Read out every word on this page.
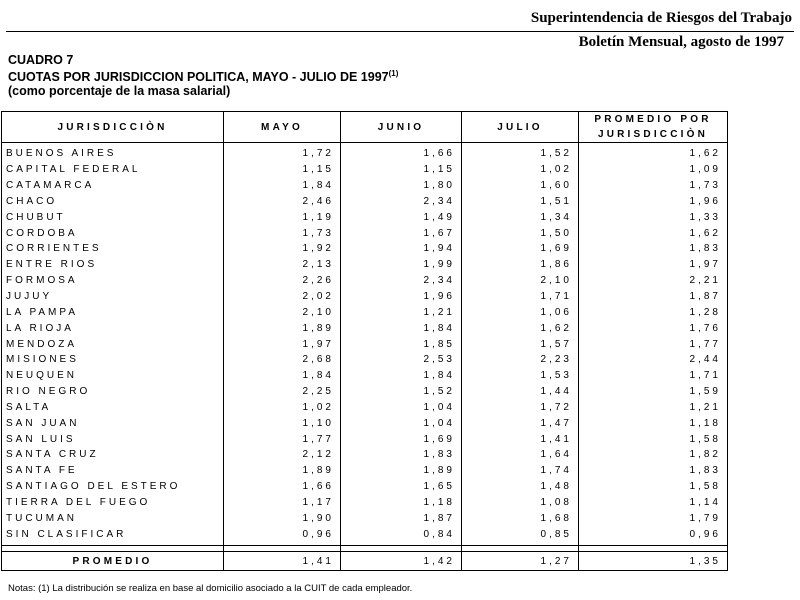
Superintendencia de Riesgos del Trabajo
Boletín Mensual, agosto de 1997
CUADRO 7
CUOTAS POR JURISDICCION POLITICA, MAYO - JULIO DE 1997$^{(1)}$
(como porcentaje de la masa salarial)
JURISDICCIÒN	MAYO	JUNIO	JULIO	PROMEDIO POR
JURISDICCIÒN

BUENOS AIRES	1,72	1,66	1,52	1,62
CAPITAL FEDERAL	1,15	1,15	1,02	1,09
CATAMARCA	1,84	1,80	1,60	1,73
CHACO	2,46	2,34	1,51	1,96
CHUBUT	1,19	1,49	1,34	1,33
CORDOBA	1,73	1,67	1,50	1,62
CORRIENTES	1,92	1,94	1,69	1,83
ENTRE RIOS	2,13	1,99	1,86	1,97
FORMOSA	2,26	2,34	2,10	2,21
JUJUY	2,02	1,96	1,71	1,87
LA PAMPA	2,10	1,21	1,06	1,28
LA RIOJA	1,89	1,84	1,62	1,76
MENDOZA	1,97	1,85	1,57	1,77
MISIONES	2,68	2,53	2,23	2,44
NEUQUEN	1,84	1,84	1,53	1,71
RIO NEGRO	2,25	1,52	1,44	1,59
SALTA	1,02	1,04	1,72	1,21
SAN JUAN	1,10	1,04	1,47	1,18
SAN LUIS	1,77	1,69	1,41	1,58
SANTA CRUZ	2,12	1,83	1,64	1,82
SANTA FE	1,89	1,89	1,74	1,83
SANTIAGO DEL ESTERO	1,66	1,65	1,48	1,58
TIERRA DEL FUEGO	1,17	1,18	1,08	1,14
TUCUMAN	1,90	1,87	1,68	1,79
SIN CLASIFICAR	0,96	0,84	0,85	0,96

PROMEDIO	1,41	1,42	1,27	1,35
Notas: (1) La distribución se realiza en base al domicilio asociado a la CUIT de cada empleador.
